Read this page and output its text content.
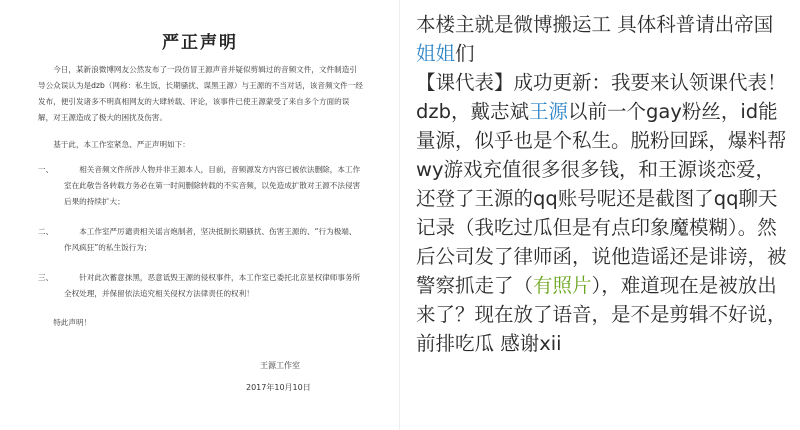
严正声明

今日，某新浪微博网友公然发布了一段仿冒王源声音并疑似剪辑过的音频文件，文件制造引导公众误认为是dzb（网称：私生饭，长期骚扰、谋黑王源）与王源的不当对话，该音频文件一经发布，便引发诸多不明真相网友的大肆转载、评论，该事件已使王源蒙受了来自多个方面的误解，对王源造成了极大的困扰及伤害。

基于此，本工作室紧急、严正声明如下：

一、	相关音频文件所涉人物并非王源本人，目前，音频源发方内容已被依法删除，本工作室在此敬告各转载方务必在第一时间删除转载的不实音频，以免造成扩散对王源不法侵害后果的持续扩大；
二、	本工作室严厉谴责相关谣言炮制者，坚决抵制长期骚扰、伤害王源的、“行为极端、作风疯狂”的私生饭行为；
三、	针对此次蓄意抹黑，恶意诋毁王源的侵权事件，本工作室已委托北京星权律师事务所全权处理，并保留依法追究相关侵权方法律责任的权利！

特此声明！

王源工作室
2017年10月10日
本楼主就是微博搬运工 具体科普请出帝国姐姐们
【课代表】成功更新：我要来认领课代表！dzb，戴志斌王源以前一个gay粉丝，id能量源，似乎也是个私生。脱粉回踩，爆料帮wy游戏充值很多很多钱，和王源谈恋爱，还登了王源的qq账号呢还是截图了qq聊天记录（我吃过瓜但是有点印象魔模糊）。然后公司发了律师函，说他造谣还是诽谤，被警察抓走了（有照片），难道现在是被放出来了？现在放了语音，是不是剪辑不好说，前排吃瓜 感谢xii
